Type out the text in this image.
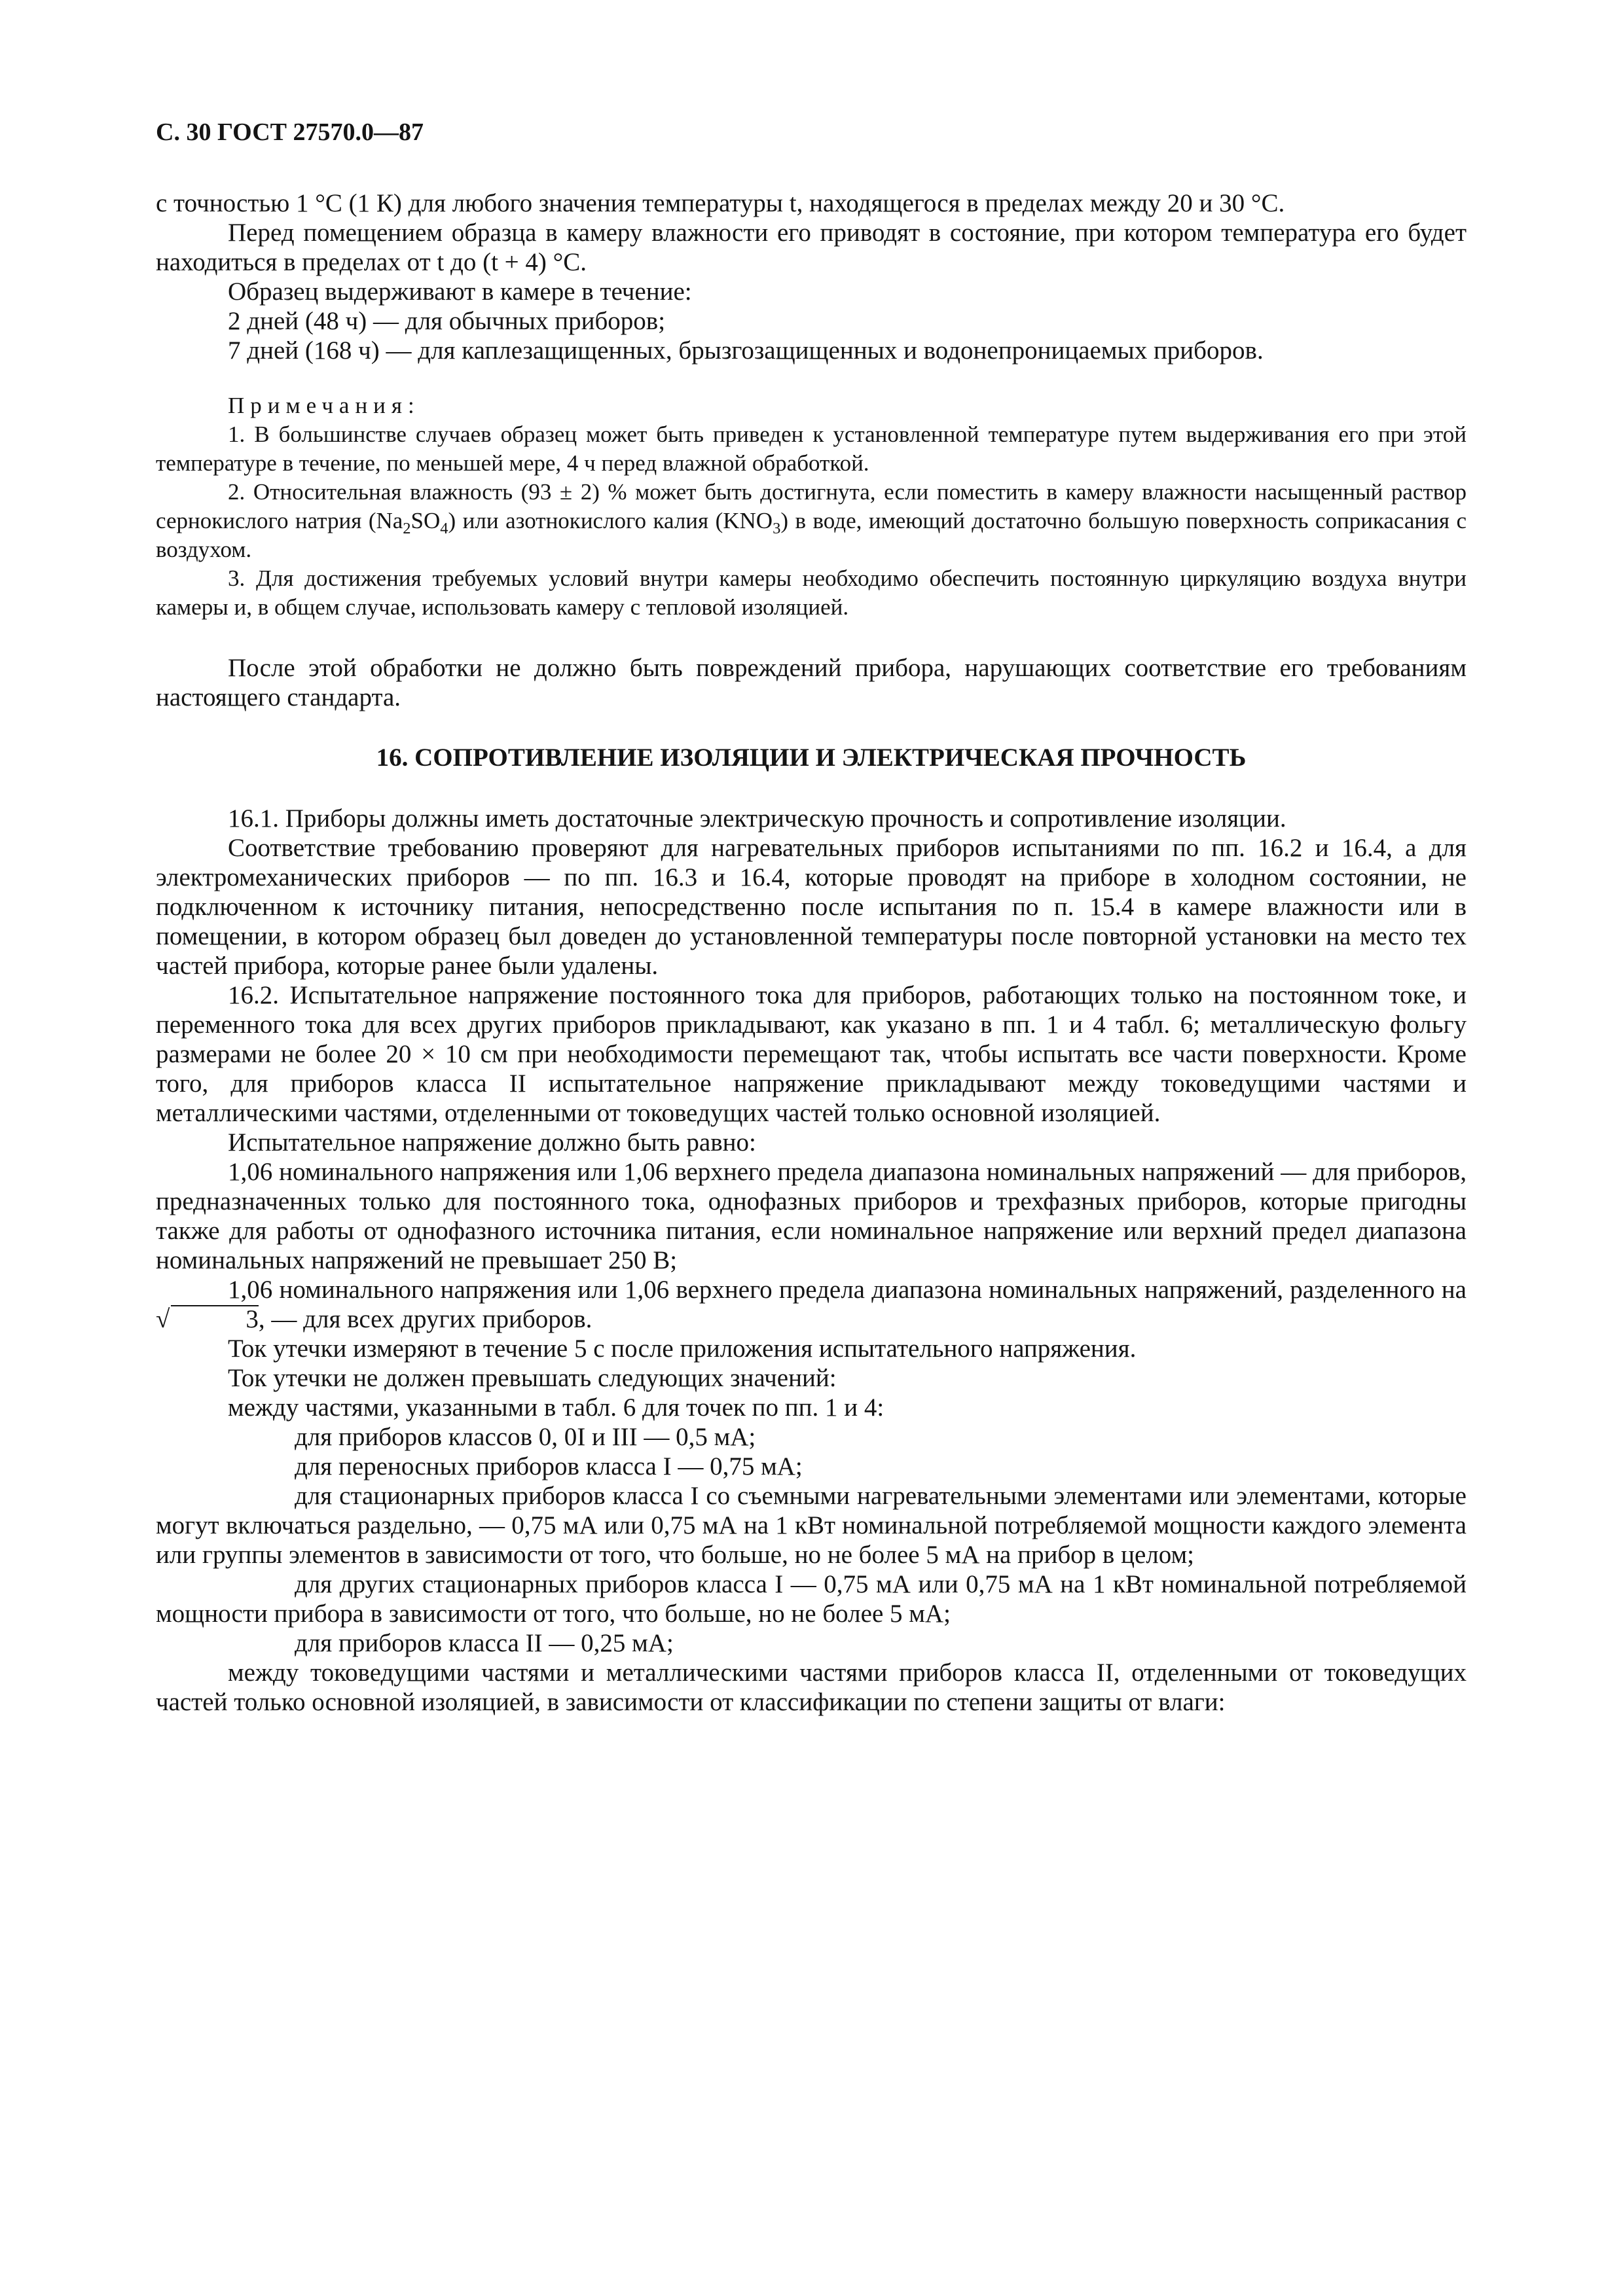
С. 30 ГОСТ 27570.0—87

с точностью 1 °С (1 К) для любого значения температуры t, находящегося в пределах между 20 и 30 °С.

Перед помещением образца в камеру влажности его приводят в состояние, при котором температура его будет находиться в пределах от t до (t + 4) °С.

Образец выдерживают в камере в течение:

2 дней (48 ч) — для обычных приборов;

7 дней (168 ч) — для каплезащищенных, брызгозащищенных и водонепроницаемых приборов.

Примечания:
1. В большинстве случаев образец может быть приведен к установленной температуре путем выдерживания его при этой температуре в течение, по меньшей мере, 4 ч перед влажной обработкой.
2. Относительная влажность (93 ± 2) % может быть достигнута, если поместить в камеру влажности насыщенный раствор сернокислого натрия $(Na_2SO_4)$ или азотнокислого калия $(KNO_3)$ в воде, имеющий достаточно большую поверхность соприкасания с воздухом.
3. Для достижения требуемых условий внутри камеры необходимо обеспечить постоянную циркуляцию воздуха внутри камеры и, в общем случае, использовать камеру с тепловой изоляцией.

После этой обработки не должно быть повреждений прибора, нарушающих соответствие его требованиям настоящего стандарта.

16. СОПРОТИВЛЕНИЕ ИЗОЛЯЦИИ И ЭЛЕКТРИЧЕСКАЯ ПРОЧНОСТЬ

16.1. Приборы должны иметь достаточные электрическую прочность и сопротивление изоляции.

Соответствие требованию проверяют для нагревательных приборов испытаниями по пп. 16.2 и 16.4, а для электромеханических приборов — по пп. 16.3 и 16.4, которые проводят на приборе в холодном состоянии, не подключенном к источнику питания, непосредственно после испытания по п. 15.4 в камере влажности или в помещении, в котором образец был доведен до установленной температуры после повторной установки на место тех частей прибора, которые ранее были удалены.

16.2. Испытательное напряжение постоянного тока для приборов, работающих только на постоянном токе, и переменного тока для всех других приборов прикладывают, как указано в пп. 1 и 4 табл. 6; металлическую фольгу размерами не более 20 × 10 см при необходимости перемещают так, чтобы испытать все части поверхности. Кроме того, для приборов класса II испытательное напряжение прикладывают между токоведущими частями и металлическими частями, отделенными от токоведущих частей только основной изоляцией.

Испытательное напряжение должно быть равно:

1,06 номинального напряжения или 1,06 верхнего предела диапазона номинальных напряжений — для приборов, предназначенных только для постоянного тока, однофазных приборов и трехфазных приборов, которые пригодны также для работы от однофазного источника питания, если номинальное напряжение или верхний предел диапазона номинальных напряжений не превышает 250 В;

1,06 номинального напряжения или 1,06 верхнего предела диапазона номинальных напряжений, разделенного на √	3, — для всех других приборов.

Ток утечки измеряют в течение 5 с после приложения испытательного напряжения.

Ток утечки не должен превышать следующих значений:

между частями, указанными в табл. 6 для точек по пп. 1 и 4:

для приборов классов 0, 0I и III — 0,5 мА;

для переносных приборов класса I — 0,75 мА;

для стационарных приборов класса I со съемными нагревательными элементами или элементами, которые могут включаться раздельно, — 0,75 мА или 0,75 мА на 1 кВт номинальной потребляемой мощности каждого элемента или группы элементов в зависимости от того, что больше, но не более 5 мА на прибор в целом;

для других стационарных приборов класса I — 0,75 мА или 0,75 мА на 1 кВт номинальной потребляемой мощности прибора в зависимости от того, что больше, но не более 5 мА;

для приборов класса II — 0,25 мА;

между токоведущими частями и металлическими частями приборов класса II, отделенными от токоведущих частей только основной изоляцией, в зависимости от классификации по степени защиты от влаги:
